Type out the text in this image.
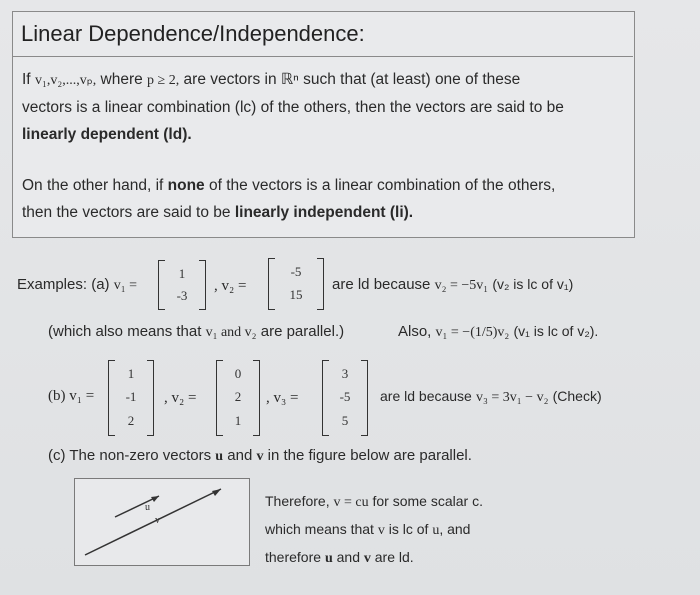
Linear Dependence/Independence:
If v₁,v₂,...,vₚ, where p ≥ 2, are vectors in ℝⁿ such that (at least) one of these
vectors is a linear combination (lc) of the others, then the vectors are said to be
linearly dependent (ld).
On the other hand, if none of the vectors is a linear combination of the others,
then the vectors are said to be linearly independent (li).
Examples: (a) v₁ =
1
-3
, v₂ =
-5
15
are ld because v₂ = −5v₁ (v₂ is lc of v₁)
(which also means that v₁ and v₂ are parallel.)	Also, v₁ = −(1/5)v₂ (v₁ is lc of v₂).
(b) v₁ =
1
-1
2
, v₂ =
0
2
1
, v₃ =
3
-5
5
are ld because v₃ = 3v₁ − v₂ (Check)
(c) The non-zero vectors u and v in the figure below are parallel.
u
v
Therefore, v = cu for some scalar c.
which means that v is lc of u, and
therefore u and v are ld.
